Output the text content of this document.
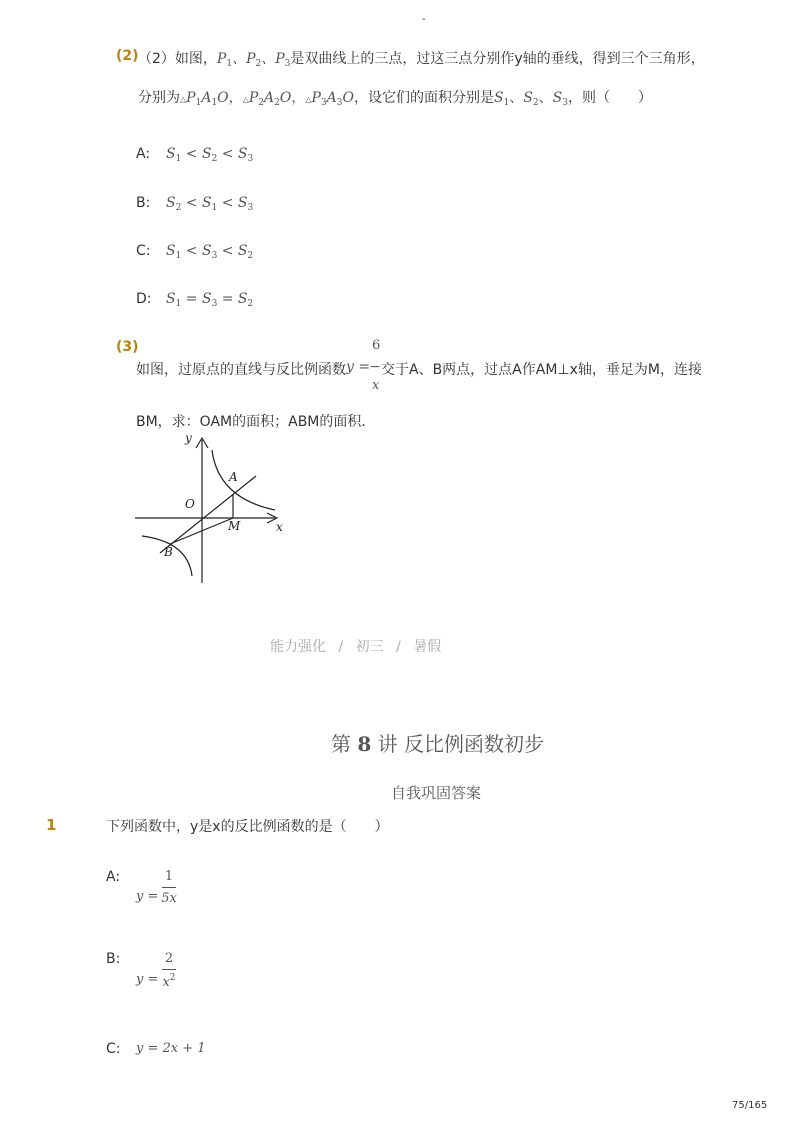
-
(2) （2）如图，$P_1$、$P_2$、$P_3$是双曲线上的三点，过这三点分别作y轴的垂线，得到三个三角形，
分别为$\triangle P_1A_1O$，$\triangle P_2A_2O$，$\triangle P_3A_3O$，设它们的面积分别是$S_1$、$S_2$、$S_3$，则（　　）
A: $S_1 < S_2 < S_3$
B: $S_2 < S_1 < S_3$
C: $S_1 < S_3 < S_2$
D: $S_1 = S_3 = S_2$
(3)
如图，过原点的直线与反比例函数 y =
6
−
x
交于A、B两点，过点A作AM⊥x轴，垂足为M，连接
BM，求：OAM的面积；ABM的面积．
y
x
O
A
M
B
能力强化 / 初三 / 暑假
第 8 讲 反比例函数初步
自我巩固答案
1	下列函数中，y是x的反比例函数的是（　　）
A:
y =
1
5x
B:
y =
2
$x^2$
C: y = 2x + 1
75/165
